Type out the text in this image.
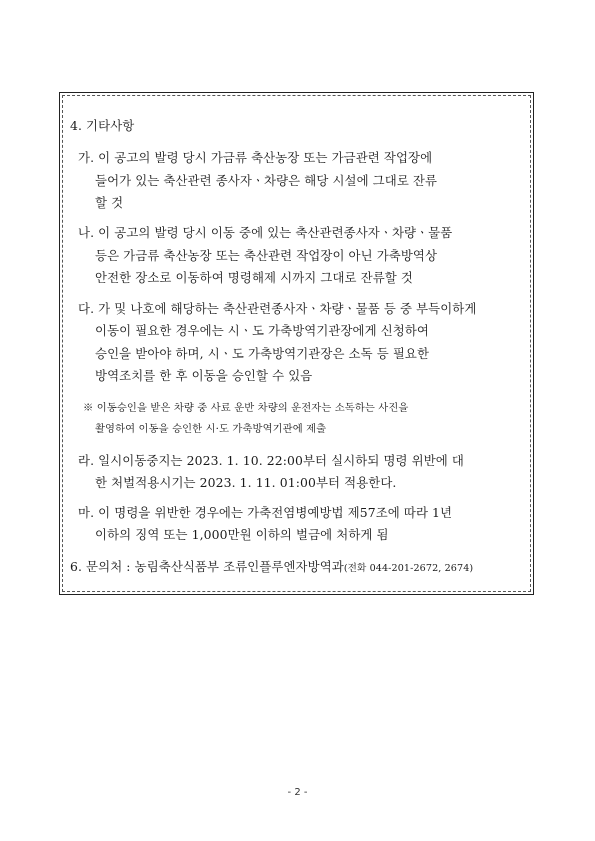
4. 기타사항
가. 이 공고의 발령 당시 가금류 축산농장 또는 가금관련 작업장에
들어가 있는 축산관련 종사자ㆍ차량은 해당 시설에 그대로 잔류
할 것
나. 이 공고의 발령 당시 이동 중에 있는 축산관련종사자ㆍ차량ㆍ물품
등은 가금류 축산농장 또는 축산관련 작업장이 아닌 가축방역상
안전한 장소로 이동하여 명령해제 시까지 그대로 잔류할 것
다. 가 및 나호에 해당하는 축산관련종사자ㆍ차량ㆍ물품 등 중 부득이하게
이동이 필요한 경우에는 시ㆍ도 가축방역기관장에게 신청하여
승인을 받아야 하며, 시ㆍ도 가축방역기관장은 소독 등 필요한
방역조치를 한 후 이동을 승인할 수 있음
※ 이동승인을 받은 차량 중 사료 운반 차량의 운전자는 소독하는 사진을
촬영하여 이동을 승인한 시·도 가축방역기관에 제출
라. 일시이동중지는 2023. 1. 10. 22:00부터 실시하되 명령 위반에 대
한 처벌적용시기는 2023. 1. 11. 01:00부터 적용한다.
마. 이 명령을 위반한 경우에는 가축전염병예방법 제57조에 따라 1년
이하의 징역 또는 1,000만원 이하의 벌금에 처하게 됨
6. 문의처 : 농림축산식품부 조류인플루엔자방역과(전화 044-201-2672, 2674)
- 2 -
